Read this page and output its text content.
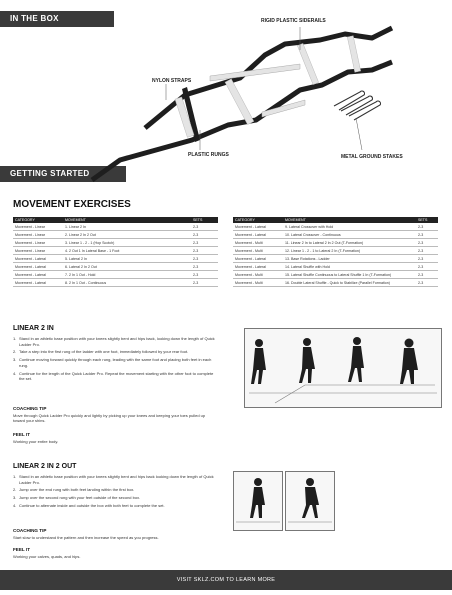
IN THE BOX
GETTING STARTED
RIGID PLASTIC SIDERAILS
NYLON STRAPS
PLASTIC RUNGS	METAL GROUND STAKES
MOVEMENT EXERCISES
CATEGORY	MOVEMENT	SETS
Movement - Linear	1. Linear 2 In	2-3
Movement - Linear	2. Linear 2 In 2 Out	2-3
Movement - Linear	3. Linear 1 - 2 - 1 (Hop Scotch)	2-3
Movement - Linear	4. 2 Out 1 In Lateral Base - 1 Foot	2-3
Movement - Lateral	5. Lateral 2 In	2-3
Movement - Lateral	6. Lateral 2 In 2 Out	2-3
Movement - Lateral	7. 2 In 1 Out - Hold	2-3
Movement - Lateral	8. 2 In 1 Out - Continuous	2-3
CATEGORY	MOVEMENT	SETS
Movement - Lateral	9. Lateral Crossover with Hold	2-3
Movement - Lateral	10. Lateral Crossover - Continuous	2-3
Movement - Multi	11. Linear 2 In to Lateral 2 In 2 Out (T-Formation)	2-3
Movement - Multi	12. Linear 1 - 2 - 1 to Lateral 2 In (T-Formation)	2-3
Movement - Lateral	13. Base Rotations - Ladder	2-3
Movement - Lateral	14. Lateral Shuffle with Hold	2-3
Movement - Multi	15. Lateral Shuffle Continuous to Lateral Shuffle 1 In (T-Formation)	2-3
Movement - Multi	16. Double Lateral Shuffle - Quick to Stabilize (Parallel Formation)	2-3
LINEAR 2 IN
1. Stand in an athletic base position with your knees slightly bent and hips back, looking down the length of Quick Ladder Pro.
2. Take a step into the first rung of the ladder with one foot, immediately followed by your rear foot.
3. Continue moving forward quickly through each rung, leading with the same foot and placing both feet in each rung.
4. Continue for the length of the Quick Ladder Pro. Repeat the movement starting with the other foot to complete the set.
COACHING TIP
Move through Quick Ladder Pro quickly and lightly by picking up your knees and keeping your toes pulled up toward your shins.
FEEL IT
Working your entire body.
LINEAR 2 IN 2 OUT
1. Stand in an athletic base position with your knees slightly bent and hips back looking down the length of Quick Ladder Pro.
2. Jump over the end rung with both feet landing within the first box.
3. Jump over the second rung with your feet outside of the second box.
4. Continue to alternate inside and outside the box with both feet to complete the set.
COACHING TIP
Start slow to understand the pattern and then increase the speed as you progress.
FEEL IT
Working your calves, quads, and hips.
VISIT SKLZ.COM TO LEARN MORE
